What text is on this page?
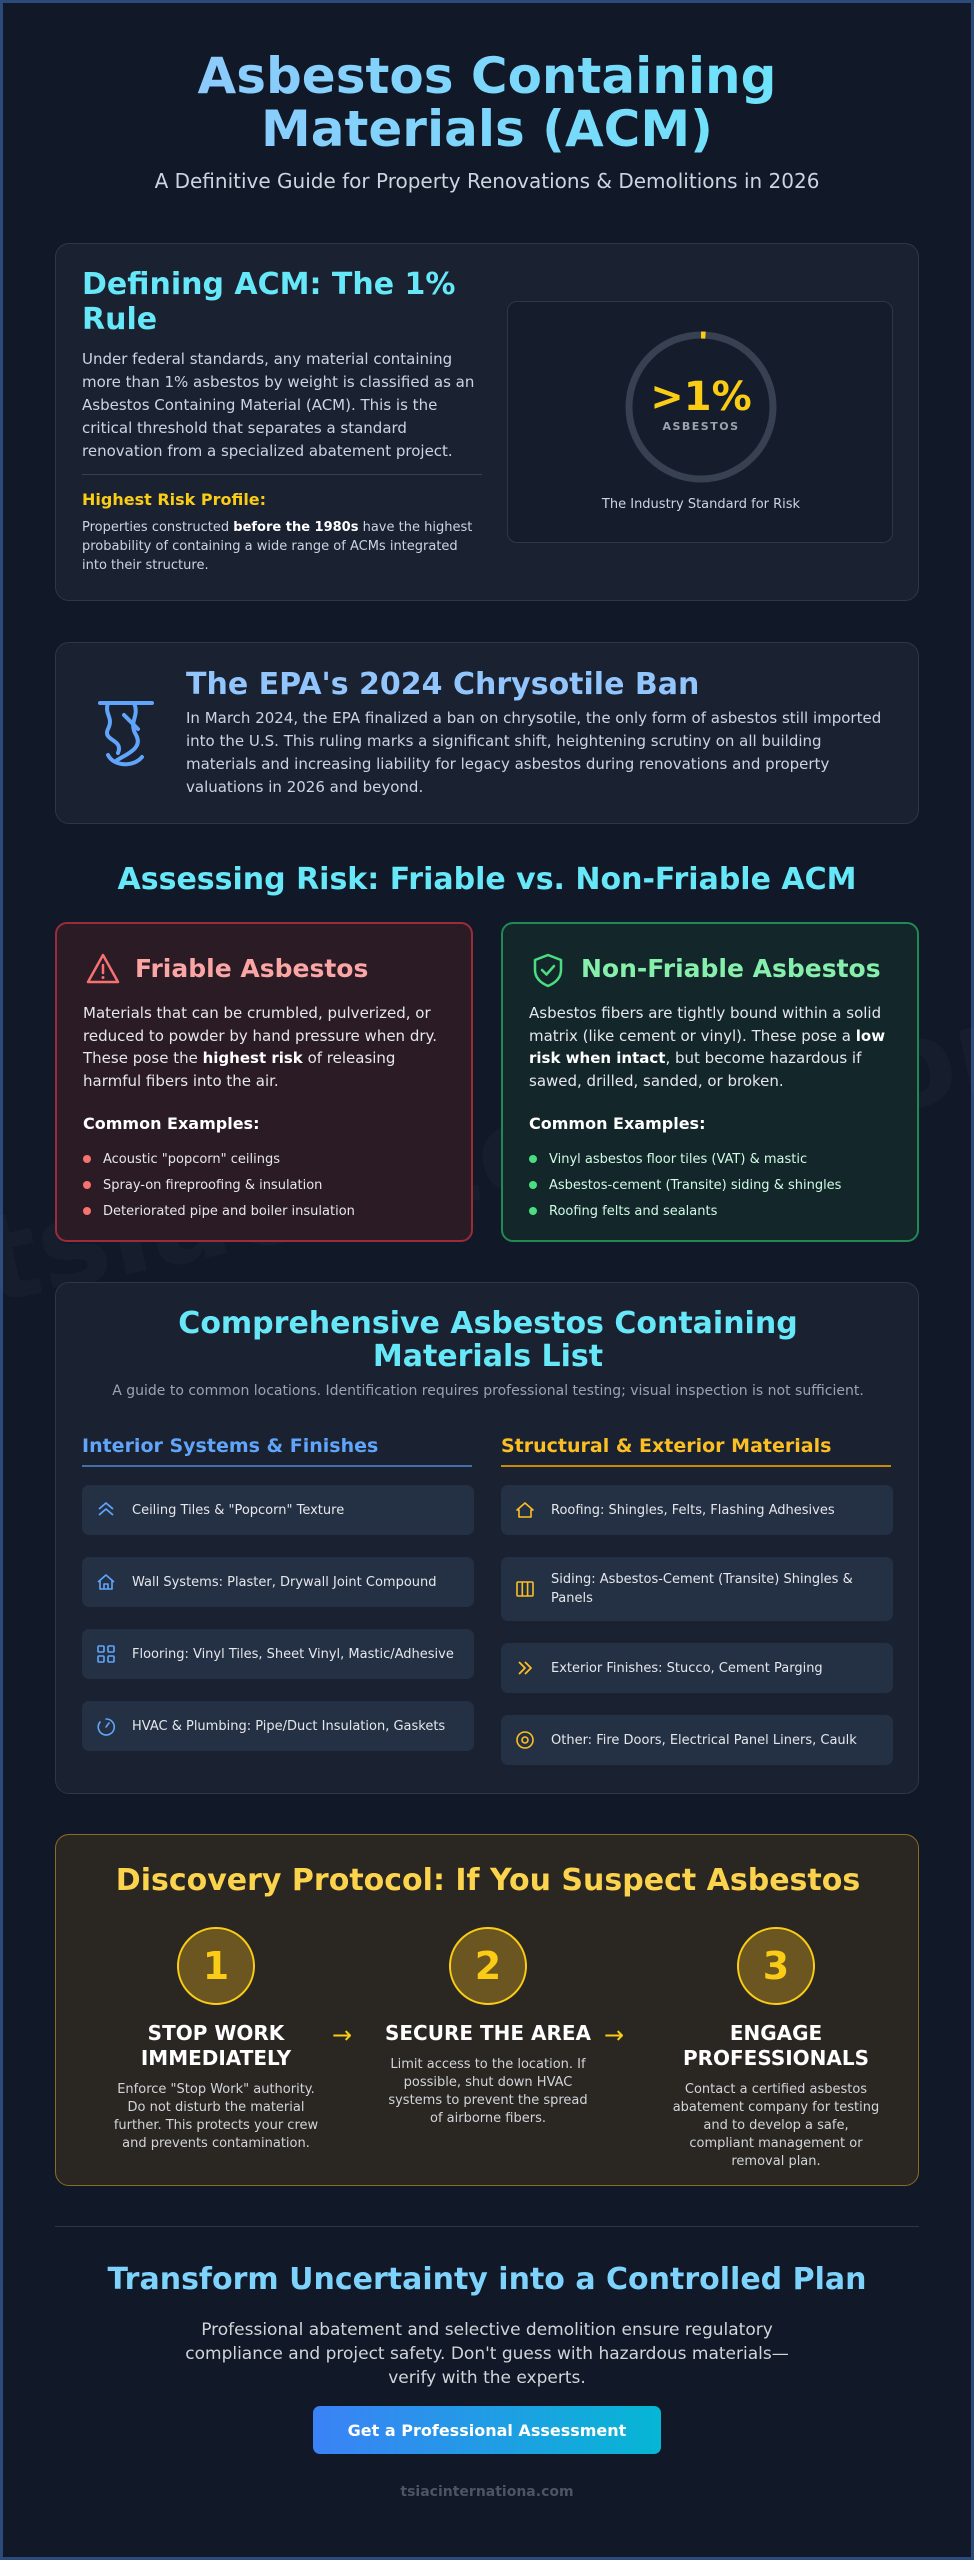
Asbestos Containing Materials (ACM)
A Definitive Guide for Property Renovations & Demolitions in 2026
Defining ACM: The 1% Rule
Under federal standards, any material containing more than 1% asbestos by weight is classified as an Asbestos Containing Material (ACM). This is the critical threshold that separates a standard renovation from a specialized abatement project.
Highest Risk Profile:
Properties constructed before the 1980s have the highest probability of containing a wide range of ACMs integrated into their structure.
>1%
ASBESTOS
The Industry Standard for Risk
The EPA's 2024 Chrysotile Ban
In March 2024, the EPA finalized a ban on chrysotile, the only form of asbestos still imported into the U.S. This ruling marks a significant shift, heightening scrutiny on all building materials and increasing liability for legacy asbestos during renovations and property valuations in 2026 and beyond.
Assessing Risk: Friable vs. Non-Friable ACM
Friable Asbestos
Materials that can be crumbled, pulverized, or reduced to powder by hand pressure when dry. These pose the highest risk of releasing harmful fibers into the air.
Common Examples:
Acoustic "popcorn" ceilings
Spray-on fireproofing & insulation
Deteriorated pipe and boiler insulation
Non-Friable Asbestos
Asbestos fibers are tightly bound within a solid matrix (like cement or vinyl). These pose a low risk when intact, but become hazardous if sawed, drilled, sanded, or broken.
Common Examples:
Vinyl asbestos floor tiles (VAT) & mastic
Asbestos-cement (Transite) siding & shingles
Roofing felts and sealants
Comprehensive Asbestos Containing Materials List
A guide to common locations. Identification requires professional testing; visual inspection is not sufficient.
Interior Systems & Finishes	Structural & Exterior Materials
Ceiling Tiles & "Popcorn" Texture
Wall Systems: Plaster, Drywall Joint Compound
Flooring: Vinyl Tiles, Sheet Vinyl, Mastic/Adhesive
HVAC & Plumbing: Pipe/Duct Insulation, Gaskets
Roofing: Shingles, Felts, Flashing Adhesives
Siding: Asbestos-Cement (Transite) Shingles & Panels
Exterior Finishes: Stucco, Cement Parging
Other: Fire Doors, Electrical Panel Liners, Caulk
Discovery Protocol: If You Suspect Asbestos
1
STOP WORK IMMEDIATELY
Enforce "Stop Work" authority. Do not disturb the material further. This protects your crew and prevents contamination.
→
2
SECURE THE AREA
Limit access to the location. If possible, shut down HVAC systems to prevent the spread of airborne fibers.
→
3
ENGAGE PROFESSIONALS
Contact a certified asbestos abatement company for testing and to develop a safe, compliant management or removal plan.
Transform Uncertainty into a Controlled Plan
Professional abatement and selective demolition ensure regulatory compliance and project safety. Don't guess with hazardous materials—verify with the experts.
Get a Professional Assessment
tsiacinternationa.com
